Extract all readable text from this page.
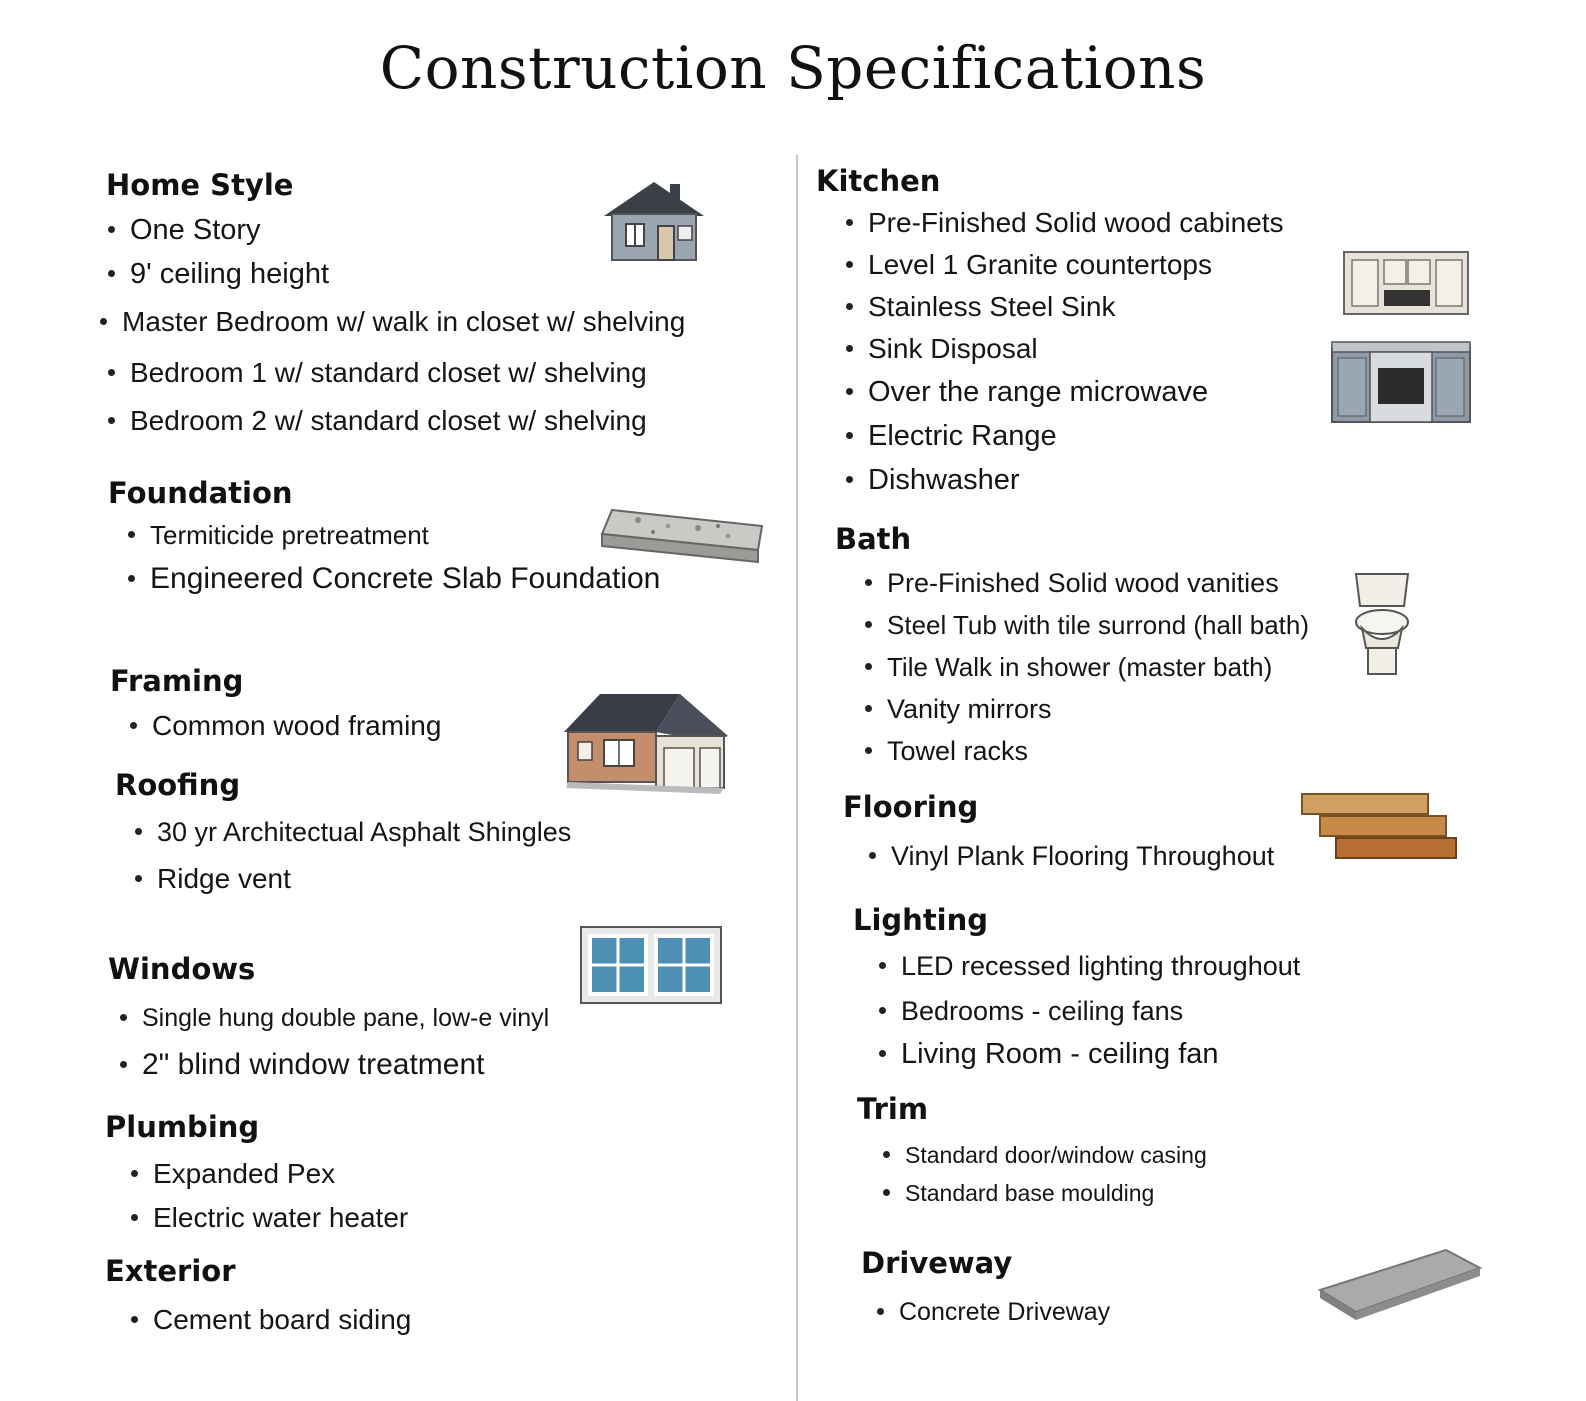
Construction Specifications
Home Style
One Story
9' ceiling height
Master Bedroom w/ walk in closet w/ shelving
Bedroom 1 w/ standard closet w/ shelving
Bedroom 2 w/ standard closet w/ shelving
Foundation
Termiticide pretreatment
Engineered Concrete Slab Foundation
Framing
Common wood framing
Roofing
30 yr Architectual Asphalt Shingles
Ridge vent
Windows
Single hung double pane, low-e vinyl
2" blind window treatment
Plumbing
Expanded Pex
Electric water heater
Exterior
Cement board siding
Kitchen
Pre-Finished Solid wood cabinets
Level 1 Granite countertops
Stainless Steel Sink
Sink Disposal
Over the range microwave
Electric Range
Dishwasher
Bath
Pre-Finished Solid wood vanities
Steel Tub with tile surrond (hall bath)
Tile Walk in shower (master bath)
Vanity mirrors
Towel racks
Flooring
Vinyl Plank Flooring Throughout
Lighting
LED recessed lighting throughout
Bedrooms - ceiling fans
Living Room - ceiling fan
Trim
Standard door/window casing
Standard base moulding
Driveway
Concrete Driveway
